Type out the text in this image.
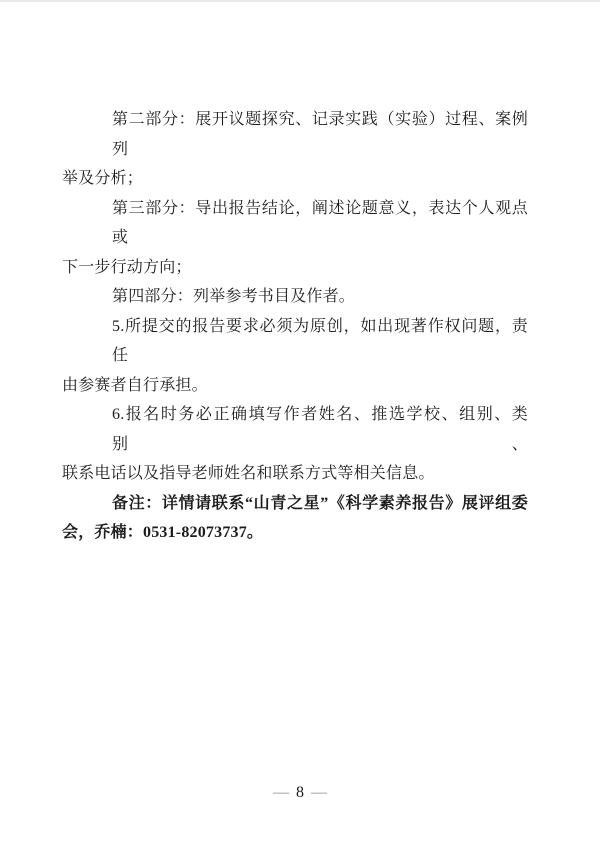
第二部分：展开议题探究、记录实践（实验）过程、案例列

举及分析；

第三部分：导出报告结论，阐述论题意义，表达个人观点或

下一步行动方向；

第四部分：列举参考书目及作者。

5.所提交的报告要求必须为原创，如出现著作权问题，责任

由参赛者自行承担。

6.报名时务必正确填写作者姓名、推选学校、组别、类别、

联系电话以及指导老师姓名和联系方式等相关信息。

备注：详情请联系“山青之星”《科学素养报告》展评组委

会，乔楠：0531-82073737。

— 8 —
